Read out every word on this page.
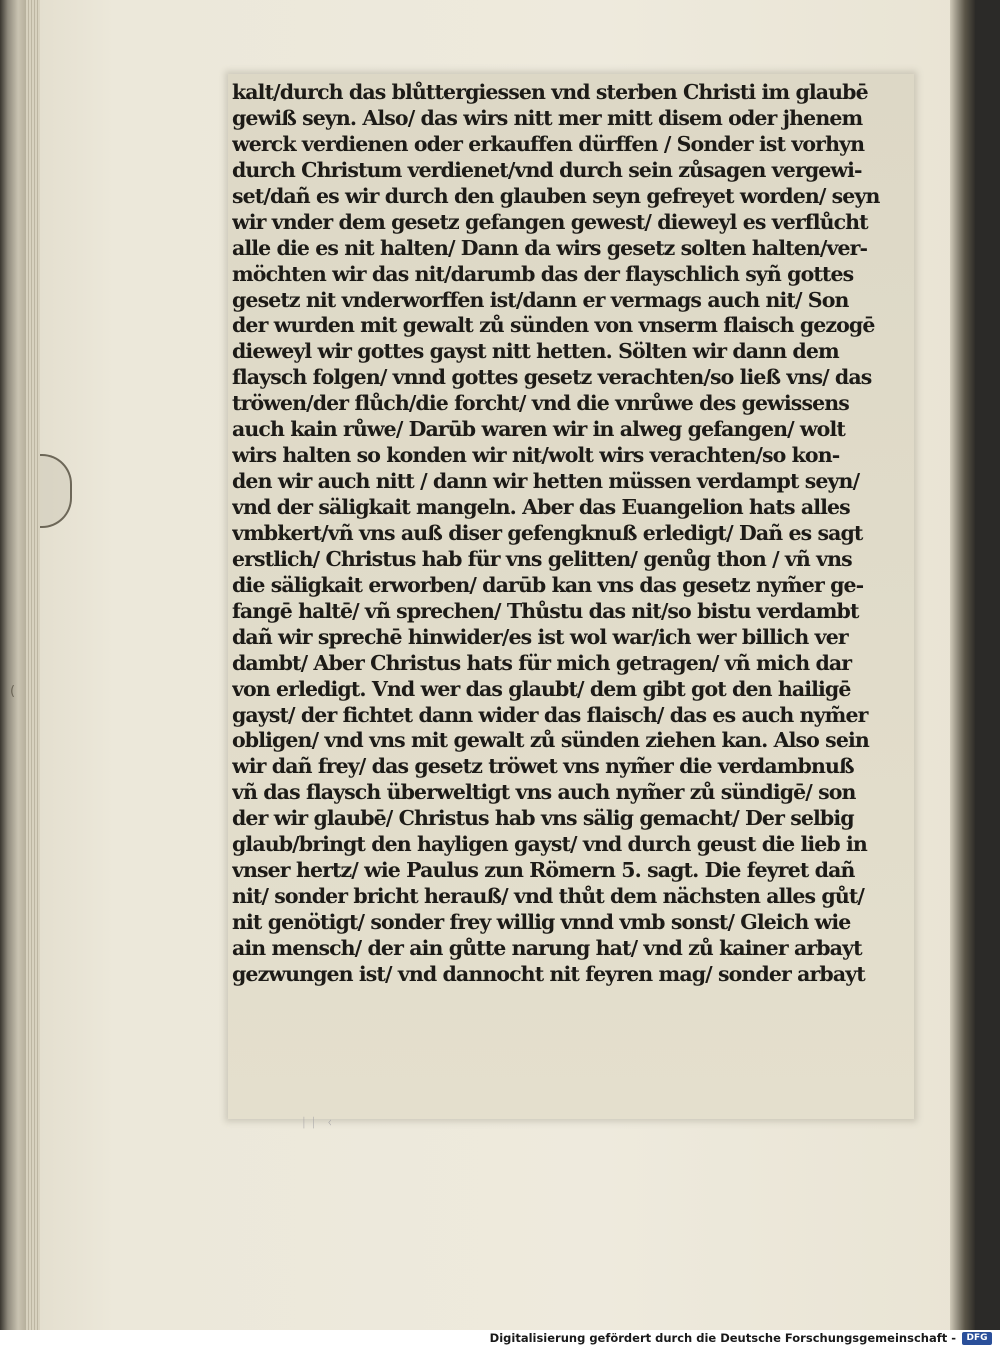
kalt/durch das blůttergiessen vnd sterben Christi im glaubē
gewiß seyn. Also/ das wirs nitt mer mitt disem oder jhenem
werck verdienen oder erkauffen dürffen / Sonder ist vorhyn
durch Christum verdienet/vnd durch sein zůsagen vergewi-
set/dañ es wir durch den glauben seyn gefreyet worden/ seyn
wir vnder dem gesetz gefangen gewest/ dieweyl es verflůcht
alle die es nit halten/ Dann da wirs gesetz solten halten/ver-
möchten wir das nit/darumb das der flayschlich syñ gottes
gesetz nit vnderworffen ist/dann er vermags auch nit/ Son
der wurden mit gewalt zů sünden von vnserm flaisch gezogē
dieweyl wir gottes gayst nitt hetten. Sölten wir dann dem
flaysch folgen/ vnnd gottes gesetz verachten/so ließ vns/ das
tröwen/der flůch/die forcht/ vnd die vnrůwe des gewissens
auch kain růwe/ Darūb waren wir in alweg gefangen/ wolt
wirs halten so konden wir nit/wolt wirs verachten/so kon-
den wir auch nitt / dann wir hetten müssen verdampt seyn/
vnd der säligkait mangeln. Aber das Euangelion hats alles
vmbkert/vñ vns auß diser gefengknuß erledigt/ Dañ es sagt
erstlich/ Christus hab für vns gelitten/ genůg thon / vñ vns
die säligkait erworben/ darūb kan vns das gesetz nym̃er ge-
fangē haltē/ vñ sprechen/ Thůstu das nit/so bistu verdambt
dañ wir sprechē hinwider/es ist wol war/ich wer billich ver
dambt/ Aber Christus hats für mich getragen/ vñ mich dar
von erledigt. Vnd wer das glaubt/ dem gibt got den hailigē
gayst/ der fichtet dann wider das flaisch/ das es auch nym̃er
obligen/ vnd vns mit gewalt zů sünden ziehen kan. Also sein
wir dañ frey/ das gesetz tröwet vns nym̃er die verdambnuß
vñ das flaysch überweltigt vns auch nym̃er zů sündigē/ son
der wir glaubē/ Christus hab vns sälig gemacht/ Der selbig
glaub/bringt den hayligen gayst/ vnd durch geust die lieb in
vnser hertz/ wie Paulus zun Römern 5. sagt. Die feyret dañ
nit/ sonder bricht herauß/ vnd thůt dem nächsten alles gůt/
nit genötigt/ sonder frey willig vnnd vmb sonst/ Gleich wie
ain mensch/ der ain gůtte narung hat/ vnd zů kainer arbayt
gezwungen ist/ vnd dannocht nit feyren mag/ sonder arbayt
ᛁᛁ ᚲ
(
Digitalisierung gefördert durch die Deutsche Forschungsgemeinschaft -	DFG
